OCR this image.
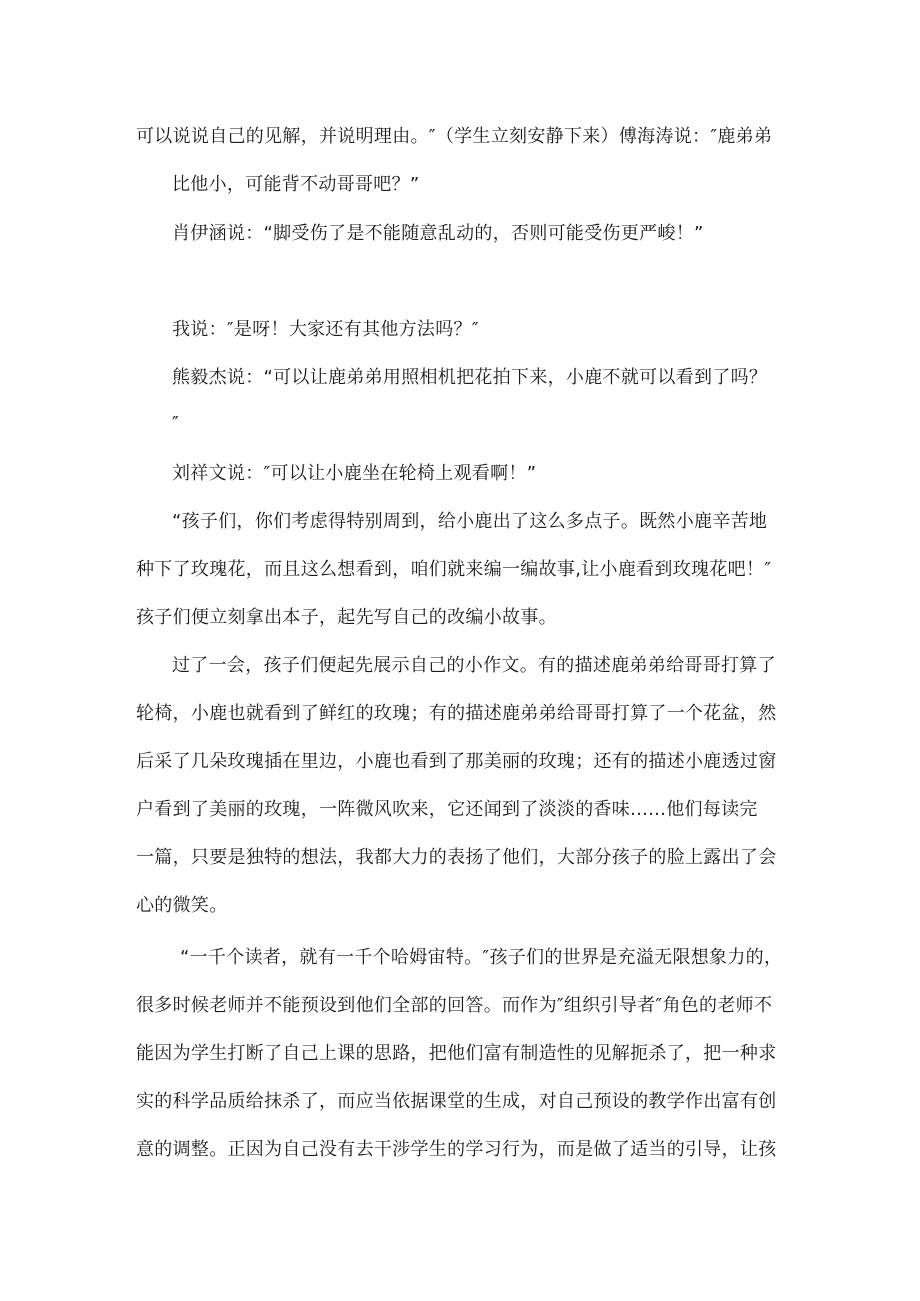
可以说说自己的见解，并说明理由。″（学生立刻安静下来）傅海涛说：″鹿弟弟
比他小，可能背不动哥哥吧？”
肖伊涵说：“脚受伤了是不能随意乱动的，否则可能受伤更严峻！”
我说：″是呀！大家还有其他方法吗？″
熊毅杰说：“可以让鹿弟弟用照相机把花拍下来，小鹿不就可以看到了吗？
″
刘祥文说：″可以让小鹿坐在轮椅上观看啊！”
“孩子们，你们考虑得特别周到，给小鹿出了这么多点子。既然小鹿辛苦地
种下了玫瑰花，而且这么想看到，咱们就来编一编故事,让小鹿看到玫瑰花吧！″
孩子们便立刻拿出本子，起先写自己的改编小故事。
过了一会，孩子们便起先展示自己的小作文。有的描述鹿弟弟给哥哥打算了
轮椅，小鹿也就看到了鲜红的玫瑰；有的描述鹿弟弟给哥哥打算了一个花盆，然
后采了几朵玫瑰插在里边，小鹿也看到了那美丽的玫瑰；还有的描述小鹿透过窗
户看到了美丽的玫瑰，一阵微风吹来，它还闻到了淡淡的香味......他们每读完
一篇，只要是独特的想法，我都大力的表扬了他们，大部分孩子的脸上露出了会
心的微笑。
“一千个读者，就有一千个哈姆宙特。″孩子们的世界是充溢无限想象力的，
很多时候老师并不能预设到他们全部的回答。而作为″组织引导者″角色的老师不
能因为学生打断了自己上课的思路，把他们富有制造性的见解扼杀了，把一种求
实的科学品质给抹杀了，而应当依据课堂的生成，对自己预设的教学作出富有创
意的调整。正因为自己没有去干涉学生的学习行为，而是做了适当的引导，让孩
